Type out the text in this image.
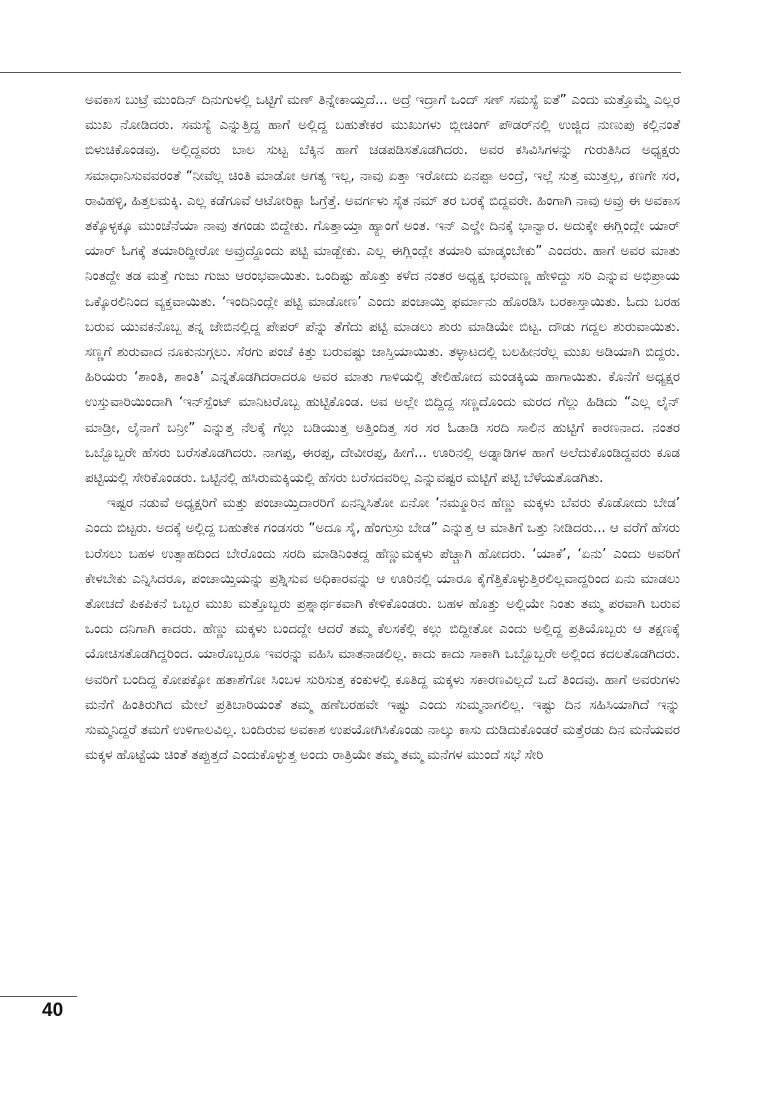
ಅವಕಾಸ ಬುಟ್ರೆ ಮುಂದಿನ್ ದಿನುಗುಳಲ್ಲಿ ಒಟ್ಟಿಗೆ ಮಣ್ ತಿನ್ನೇಕಾಯ್ತದೆ... ಅದ್ರೆ ಇದ್ರಾಗೆ ಒಂದ್ ಸಣ್ ಸಮಸ್ಯೆ ಐತೆ” ಎಂದು ಮತ್ತೊಮ್ಮೆ ಎಲ್ಲರ ಮುಖ ನೋಡಿದರು. ಸಮಸ್ಯೆ ಎನ್ನುತ್ತಿದ್ದ ಹಾಗೆ ಅಲ್ಲಿದ್ದ ಬಹುತೇಕರ ಮುಖುಗಳು ಬ್ಲೀಚಿಂಗ್ ಪೌಡರ್‌ನಲ್ಲಿ ಉಜ್ಜಿದ ನುಣುಪು ಕಲ್ಲಿನಂತೆ ಬಿಳುಚಿಕೊಂಡವು. ಅಲ್ಲಿದ್ದವರು ಬಾಲ ಸುಟ್ಟ ಬೆಕ್ಕಿನ ಹಾಗೆ ಚಡಪಡಿಸತೊಡಗಿದರು. ಅವರ ಕಸಿವಿಸಿಗಳನ್ನು ಗುರುತಿಸಿದ ಅಧ್ಯಕ್ಷರು ಸಮಾಧಾನಿಸುವವರಂತೆ “ನೀವೆಲ್ಲ ಚಿಂತಿ ಮಾಡೋ ಅಗತ್ಯ ಇಲ್ಲ, ನಾವು ಏತ್ತಾ ಇರೋದು ಏನಪ್ಪಾ ಅಂದ್ರೆ, ಇಲ್ಲೆ ಸುತ್ತ ಮುತ್ತಲ್ಲ, ಕಣಗೇ ಸರ, ರಾವಿಹಳ್ಳಿ, ಹಿತ್ತಲಮಕ್ಕಿ. ಎಲ್ಲ ಕಡೆಗೂವೆ ಆಟೋರಿಕ್ಷಾ ಓಗ್ರೆತ್ತೆ. ಅವರ್ಗಳು ಸೈತ ನಮ್ ತರ ಬರಕ್ಕೆ ಬಿದ್ದವರೇ. ಹಿಂಗಾಗಿ ನಾವು ಅವ್ರು ಈ ಅವಕಾಸ ತಕ್ಕೊಳ್ಳಕ್ಕೂ ಮುಂಚೆನೆಯಾ ನಾವು ತಗಂಡು ಬಿದ್ದೇಕು. ಗೊತ್ತಾಯ್ತಾ ಹ್ಯಾಂಗೆ ಅಂತ. ಇನ್ ಎಲ್ಡೇ ದಿನಕ್ಕೆ ಭಾನ್ವಾರ. ಅದುಕ್ಕೇ ಈಗ್ಲಿಂದ್ಲೇ ಯಾರ್ ಯಾರ್ ಓಗಕ್ಕೆ ತಯಾರಿದ್ದೀರೋ ಅವ್ರುದ್ದೊಂದು ಪಟ್ಟಿ ಮಾಡ್ಬೇಕು. ಎಲ್ಲ ಈಗ್ಲಿಂದ್ಲೇ ತಯಾರಿ ಮಾಡ್ಕಂಬೇಕು” ಎಂದರು. ಹಾಗೆ ಅವರ ಮಾತು ನಿಂತದ್ದೇ ತಡ ಮತ್ತೆ ಗುಜು ಗುಜು ಆರಂಭವಾಯಿತು. ಒಂದಿಷ್ಟು ಹೊತ್ತು ಕಳೆದ ನಂತರ ಅಧ್ಯಕ್ಷ ಭರಮಣ್ಣ ಹೇಳಿದ್ದು ಸರಿ ಎನ್ನುವ ಅಭಿಪ್ರಾಯ ಒಕ್ಕೊರಲಿನಿಂದ ವ್ಯಕ್ತವಾಯಿತು. ‘ಇಂದಿನಿಂದ್ಲೇ ಪಟ್ಟಿ ಮಾಡೋಣ’ ಎಂದು ಪಂಚಾಯ್ತಿ ಫರ್ಮಾನು ಹೊರಡಿಸಿ ಬರಕಾಸ್ತಾಯಿತು. ಓದು ಬರಹ ಬರುವ ಯುವಕನೊಬ್ಬ ತನ್ನ ಜೇಬಿನಲ್ಲಿದ್ದ ಪೇಪರ್ ಪೆನ್ನು ತೆಗೆದು ಪಟ್ಟಿ ಮಾಡಲು ಶುರು ಮಾಡಿಯೇ ಬಿಟ್ಟ. ದೌಡು ಗದ್ದಲ ಶುರುವಾಯಿತು. ಸಣ್ಣಗೆ ಶುರುವಾದ ನೂಕುನುಗ್ಗಲು. ಸೆರಗು ಪಂಚೆ ಕಿತ್ತು ಬರುವಷ್ಟು ಜಾಸ್ತಿಯಾಯಿತು. ತಳ್ಳಾಟದಲ್ಲಿ ಬಲಹೀನರೆಲ್ಲ ಮುಖ ಅಡಿಯಾಗಿ ಬಿದ್ದರು. ಹಿರಿಯರು ‘ಶಾಂತಿ, ಶಾಂತಿ’ ಎನ್ನತೊಡಗಿದರಾದರೂ ಅವರ ಮಾತು ಗಾಳಿಯಲ್ಲಿ ತೇಲಿಹೋದ ಮಂಡಕ್ಕಿಯ ಹಾಗಾಯಿತು. ಕೊನೆಗೆ ಅಧ್ಯಕ್ಷರ ಉಸ್ತುವಾರಿಯಿಂದಾಗಿ ‘ಇನ್‌ಸ್ಪೆಂಟ್ ಮಾನಿಟರೊಬ್ಬ ಹುಟ್ಟಿಕೊಂಡ. ಅವ ಅಲ್ಲೇ ಬಿದ್ದಿದ್ದ ಸಣ್ಣದೊಂದು ಮರದ ಗೆಲ್ಲು ಹಿಡಿದು “ಎಲ್ಲ ಲೈನ್ ಮಾಡ್ರೀ, ಲೈನಾಗೆ ಬನ್ರೀ” ಎನ್ನುತ್ತ ನೆಲಕ್ಕೆ ಗೆಲ್ಲು ಬಡಿಯುತ್ತ ಅತ್ತಿಂದಿತ್ತ ಸರ ಸರ ಓಡಾಡಿ ಸರದಿ ಸಾಲಿನ ಹುಟ್ಟಿಗೆ ಕಾರಣನಾದ. ನಂತರ ಒಬ್ಬೊಬ್ಬರೇ ಹೆಸರು ಬರೆಸತೊಡಗಿದರು. ನಾಗಪ್ಪ, ಈರಪ್ಪ, ದೇವೀರಪ್ಪ, ಹೀಗೆ... ಊರಿನಲ್ಲಿ ಅಡ್ನಾಡಿಗಳ ಹಾಗೆ ಅಲೆದುಕೊಂಡಿದ್ದವರು ಕೂಡ ಪಟ್ಟಿಯಲ್ಲಿ ಸೇರಿಕೊಂಡರು. ಒಟ್ಟಿನಲ್ಲಿ ಹಸಿರುಮಕ್ಕಿಯಲ್ಲಿ ಹೆಸರು ಬರೆಸದವರಿಲ್ಲ ಎನ್ನುವಷ್ಟರ ಮಟ್ಟಿಗೆ ಪಟ್ಟಿ ಬೆಳೆಯತೊಡಗಿತು.

ಇಷ್ಟರ ನಡುವೆ ಅಧ್ಯಕ್ಷರಿಗೆ ಮತ್ತು ಪಂಚಾಯ್ತಿದಾರರಿಗೆ ಏನನ್ನಿಸಿತೋ ಏನೋ ‘ನಮ್ಮೂರಿನ ಹೆಣ್ಣು ಮಕ್ಕಳು ಬೆವರು ಕೊಡೋದು ಬೇಡ’ ಎಂದು ಬಿಟ್ಟರು. ಅದಕ್ಕೆ ಅಲ್ಲಿದ್ದ ಬಹುತೇಕ ಗಂಡಸರು “ಅದೂ ಸೈ, ಹೆಂಗುಸ್ರು ಬೇಡ” ಎನ್ನುತ್ತ ಆ ಮಾತಿಗೆ ಒತ್ತು ನೀಡಿದರು... ಆ ವರೆಗೆ ಹೆಸರು ಬರೆಸಲು ಬಹಳ ಉತ್ಸಾಹದಿಂದ ಬೇರೊಂದು ಸರದಿ ಮಾಡಿನಿಂತದ್ದ ಹೆಣ್ಣುಮಕ್ಕಳು ಪೆಚ್ಚಾಗಿ ಹೋದರು. ‘ಯಾಕೆ’, ‘ಏನು’ ಎಂದು ಅವರಿಗೆ ಕೇಳಬೇಕು ಎನ್ನಿಸಿದರೂ, ಪಂಚಾಯ್ತಿಯನ್ನು ಪ್ರಶ್ನಿಸುವ ಅಧಿಕಾರವನ್ನು ಆ ಊರಿನಲ್ಲಿ ಯಾರೂ ಕೈಗೆತ್ತಿಕೊಳ್ಳುತ್ತಿರಲಿಲ್ಲವಾದ್ದರಿಂದ ಏನು ಮಾಡಲು ತೋಚದೆ ಪಿಕಪಿಕನೆ ಒಬ್ಬರ ಮುಖ ಮತ್ತೊಬ್ಬರು ಪ್ರಶ್ನಾರ್ಥಕವಾಗಿ ಕೇಳಿಕೊಂಡರು. ಬಹಳ ಹೊತ್ತು ಅಲ್ಲಿಯೇ ನಿಂತು ತಮ್ಮ ಪರವಾಗಿ ಬರುವ ಒಂದು ದನಿಗಾಗಿ ಕಾದರು. ಹೆಣ್ಣು ಮಕ್ಕಳು ಬಂದದ್ದೇ ಆದರೆ ತಮ್ಮ ಕೆಲಸಕೆಲ್ಲಿ ಕಲ್ಲು ಬಿದ್ದೀತೋ ಎಂದು ಅಲ್ಲಿದ್ದ ಪ್ರತಿಯೊಬ್ಬರು ಆ ತಕ್ಷಣಕ್ಕೆ ಯೋಚಿಸತೊಡಗಿದ್ದರಿಂದ. ಯಾರೊಬ್ಬರೂ ಇವರನ್ನು ವಹಿಸಿ ಮಾತನಾಡಲಿಲ್ಲ. ಕಾದು ಕಾದು ಸಾಕಾಗಿ ಒಬ್ಬೊಬ್ಬರೇ ಅಲ್ಲಿಂದ ಕದಲತೊಡಗಿದರು. ಅವರಿಗೆ ಬಂದಿದ್ದ ಕೋಪಕ್ಕೋ ಹತಾಶೆಗೋ ಸಿಂಬಳ ಸುರಿಸುತ್ತ ಕಂಕುಳಲ್ಲಿ ಕೂತಿದ್ದ ಮಕ್ಕಳು ಸಕಾರಣವಿಲ್ಲದೆ ಒದೆ ತಿಂದವು. ಹಾಗೆ ಅವರುಗಳು ಮನೆಗೆ ಹಿಂತಿರುಗಿದ ಮೇಲೆ ಪ್ರತಿಬಾರಿಯಂತೆ ತಮ್ಮ ಹಣೆಬರಹವೇ ಇಷ್ಟು ಎಂದು ಸುಮ್ಮನಾಗಲಿಲ್ಲ. ಇಷ್ಟು ದಿನ ಸಹಿಸಿಯಾಗಿದೆ ಇನ್ನು ಸುಮ್ಮನಿದ್ದರೆ ತಮಗೆ ಉಳಿಗಾಲವಿಲ್ಲ. ಬಂದಿರುವ ಅವಕಾಶ ಉಪಯೋಗಿಸಿಕೊಂಡು ನಾಲ್ಕು ಕಾಸು ದುಡಿದುಕೊಂಡರೆ ಮತ್ತೆರಡು ದಿನ ಮನೆಯವರ ಮಕ್ಕಳ ಹೊಟ್ಟೆಯ ಚಿಂತೆ ತಪ್ಪುತ್ತದೆ ಎಂದುಕೊಳ್ಳುತ್ತ ಅಂದು ರಾತ್ರಿಯೇ ತಮ್ಮ ತಮ್ಮ ಮನೆಗಳ ಮುಂದೆ ಸಭೆ ಸೇರಿ

40
